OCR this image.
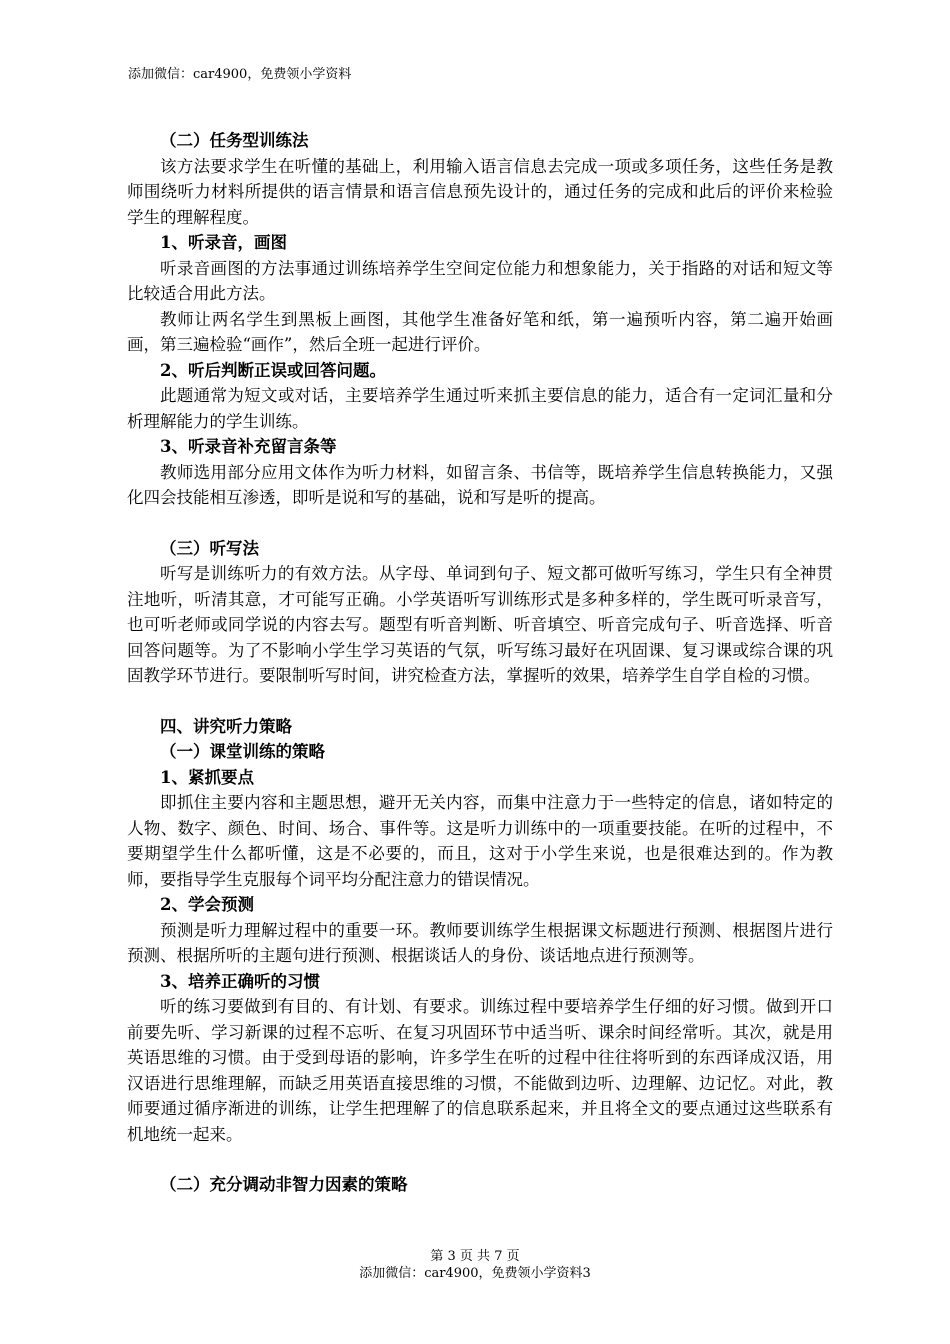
添加微信：car4900，免费领小学资料

（二）任务型训练法

该方法要求学生在听懂的基础上，利用输入语言信息去完成一项或多项任务，这些任务是教师围绕听力材料所提供的语言情景和语言信息预先设计的，通过任务的完成和此后的评价来检验学生的理解程度。

1、听录音，画图

听录音画图的方法事通过训练培养学生空间定位能力和想象能力，关于指路的对话和短文等比较适合用此方法。

教师让两名学生到黑板上画图，其他学生准备好笔和纸，第一遍预听内容，第二遍开始画画，第三遍检验“画作”，然后全班一起进行评价。

2、听后判断正误或回答问题。

此题通常为短文或对话，主要培养学生通过听来抓主要信息的能力，适合有一定词汇量和分析理解能力的学生训练。

3、听录音补充留言条等

教师选用部分应用文体作为听力材料，如留言条、书信等，既培养学生信息转换能力，又强化四会技能相互渗透，即听是说和写的基础，说和写是听的提高。

（三）听写法

听写是训练听力的有效方法。从字母、单词到句子、短文都可做听写练习，学生只有全神贯注地听，听清其意，才可能写正确。小学英语听写训练形式是多种多样的，学生既可听录音写，也可听老师或同学说的内容去写。题型有听音判断、听音填空、听音完成句子、听音选择、听音回答问题等。为了不影响小学生学习英语的气氛，听写练习最好在巩固课、复习课或综合课的巩固教学环节进行。要限制听写时间，讲究检查方法，掌握听的效果，培养学生自学自检的习惯。

四、讲究听力策略

（一）课堂训练的策略

1、紧抓要点

即抓住主要内容和主题思想，避开无关内容，而集中注意力于一些特定的信息，诸如特定的人物、数字、颜色、时间、场合、事件等。这是听力训练中的一项重要技能。在听的过程中，不要期望学生什么都听懂，这是不必要的，而且，这对于小学生来说，也是很难达到的。作为教师，要指导学生克服每个词平均分配注意力的错误情况。

2、学会预测

预测是听力理解过程中的重要一环。教师要训练学生根据课文标题进行预测、根据图片进行预测、根据所听的主题句进行预测、根据谈话人的身份、谈话地点进行预测等。

3、培养正确听的习惯

听的练习要做到有目的、有计划、有要求。训练过程中要培养学生仔细的好习惯。做到开口前要先听、学习新课的过程不忘听、在复习巩固环节中适当听、课余时间经常听。其次，就是用英语思维的习惯。由于受到母语的影响，许多学生在听的过程中往往将听到的东西译成汉语，用汉语进行思维理解，而缺乏用英语直接思维的习惯，不能做到边听、边理解、边记忆。对此，教师要通过循序渐进的训练，让学生把理解了的信息联系起来，并且将全文的要点通过这些联系有机地统一起来。

（二）充分调动非智力因素的策略

第 3 页 共 7 页
添加微信：car4900，免费领小学资料3
